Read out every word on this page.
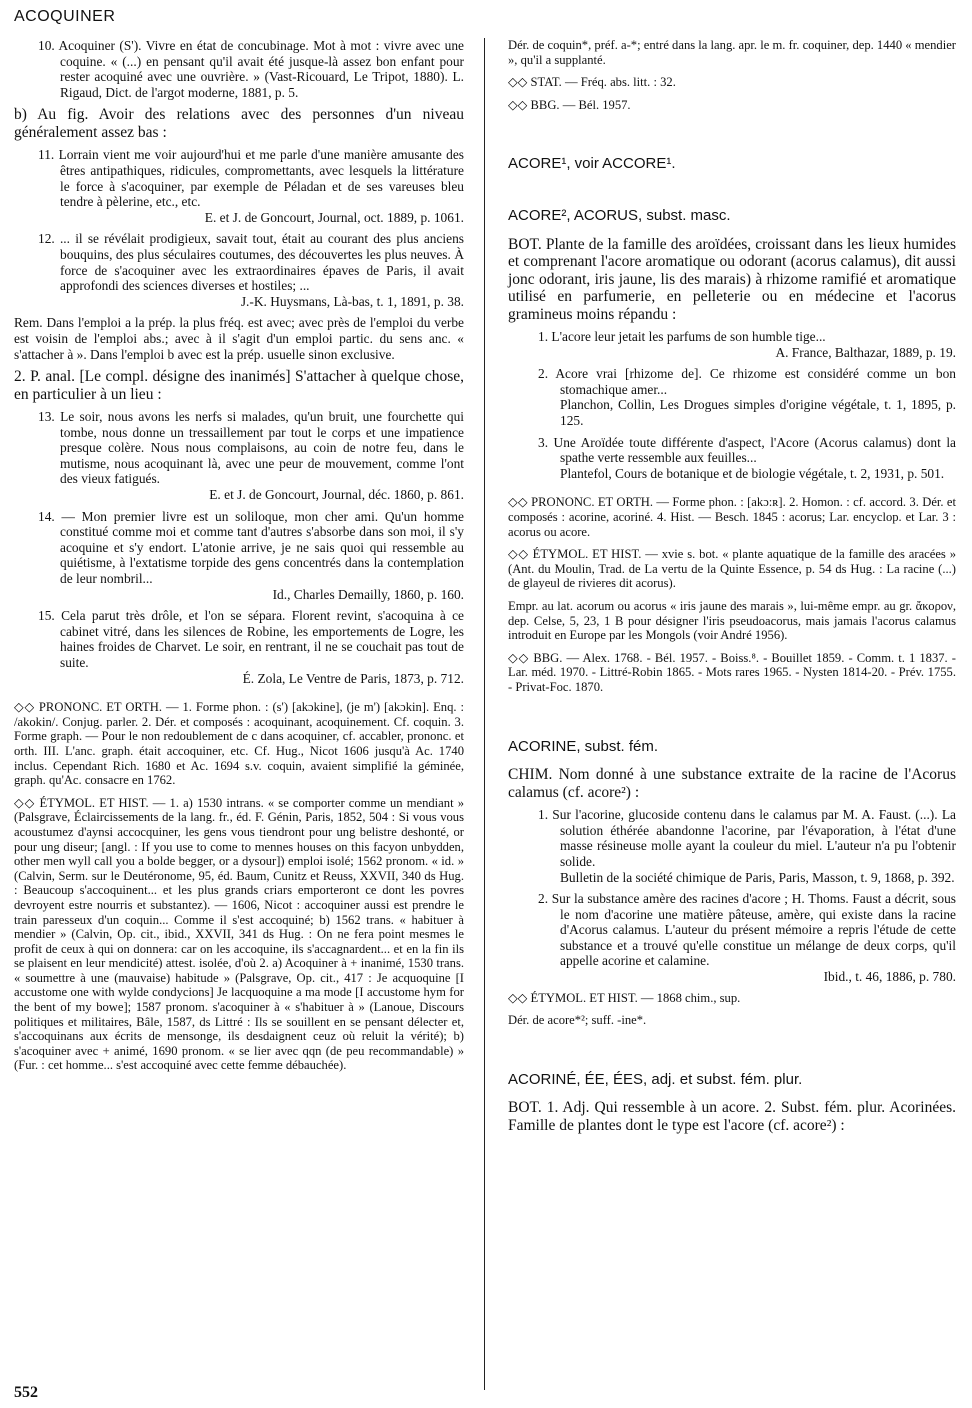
ACOQUINER

10. Acoquiner (S'). Vivre en état de concubinage. Mot à mot : vivre avec une coquine. « (...) en pensant qu'il avait été jusque-là assez bon enfant pour rester acoquiné avec une ouvrière. » (Vast-Ricouard, Le Tripot, 1880). L. Rigaud, Dict. de l'argot moderne, 1881, p. 5.

b) Au fig. Avoir des relations avec des personnes d'un niveau généralement assez bas :

11. Lorrain vient me voir aujourd'hui et me parle d'une manière amusante des êtres antipathiques, ridicules, compromettants, avec lesquels la littérature le force à s'acoquiner, par exemple de Péladan et de ses vareuses bleu tendre à pèlerine, etc., etc.
E. et J. de Goncourt, Journal, oct. 1889, p. 1061.

12. ... il se révélait prodigieux, savait tout, était au courant des plus anciens bouquins, des plus séculaires coutumes, des découvertes les plus neuves. À force de s'acoquiner avec les extraordinaires épaves de Paris, il avait approfondi des sciences diverses et hostiles; ...
J.-K. Huysmans, Là-bas, t. 1, 1891, p. 38.

Rem. Dans l'emploi a la prép. la plus fréq. est avec; avec près de l'emploi du verbe est voisin de l'emploi abs.; avec à il s'agit d'un emploi partic. du sens anc. « s'attacher à ». Dans l'emploi b avec est la prép. usuelle sinon exclusive.

2. P. anal. [Le compl. désigne des inanimés] S'attacher à quelque chose, en particulier à un lieu :

13. Le soir, nous avons les nerfs si malades, qu'un bruit, une fourchette qui tombe, nous donne un tressaillement par tout le corps et une impatience presque colère. Nous nous complaisons, au coin de notre feu, dans le mutisme, nous acoquinant là, avec une peur de mouvement, comme l'ont des vieux fatigués.
E. et J. de Goncourt, Journal, déc. 1860, p. 861.

14. — Mon premier livre est un soliloque, mon cher ami. Qu'un homme constitué comme moi et comme tant d'autres s'absorbe dans son moi, il s'y acoquine et s'y endort. L'atonie arrive, je ne sais quoi qui ressemble au quiétisme, à l'extatisme torpide des gens concentrés dans la contemplation de leur nombril...
Id., Charles Demailly, 1860, p. 160.

15. Cela parut très drôle, et l'on se sépara. Florent revint, s'acoquina à ce cabinet vitré, dans les silences de Robine, les emportements de Logre, les haines froides de Charvet. Le soir, en rentrant, il ne se couchait pas tout de suite.
É. Zola, Le Ventre de Paris, 1873, p. 712.

◇◇ PRONONC. ET ORTH. — 1. Forme phon. : (s') [akɔkine], (je m') [akɔkin]. Enq. : /akokin/. Conjug. parler. 2. Dér. et composés : acoquinant, acoquinement. Cf. coquin. 3. Forme graph. — Pour le non redoublement de c dans acoquiner, cf. accabler, prononc. et orth. III. L'anc. graph. était accoquiner, etc. Cf. Hug., Nicot 1606 jusqu'à Ac. 1740 inclus. Cependant Rich. 1680 et Ac. 1694 s.v. coquin, avaient simplifié la géminée, graph. qu'Ac. consacre en 1762.

◇◇ ÉTYMOL. ET HIST. — 1. a) 1530 intrans. « se comporter comme un mendiant » (Palsgrave, Éclaircissements de la lang. fr., éd. F. Génin, Paris, 1852, 504 : Si vous vous acoustumez d'aynsi accocquiner, les gens vous tiendront pour ung belistre deshonté, or pour ung diseur; [angl. : If you use to come to mennes houses on this facyon unbydden, other men wyll call you a bolde begger, or a dysour]) emploi isolé; 1562 pronom. « id. » (Calvin, Serm. sur le Deutéronome, 95, éd. Baum, Cunitz et Reuss, XXVII, 340 ds Hug. : Beaucoup s'accoquinent... et les plus grands criars emporteront ce dont les povres devroyent estre nourris et substantez). — 1606, Nicot : accoquiner aussi est prendre le train paresseux d'un coquin... Comme il s'est accoquiné; b) 1562 trans. « habituer à mendier » (Calvin, Op. cit., ibid., XXVII, 341 ds Hug. : On ne fera point mesmes le profit de ceux à qui on donnera: car on les accoquine, ils s'accagnardent... et en la fin ils se plaisent en leur mendicité) attest. isolée, d'où 2. a) Acoquiner à + inanimé, 1530 trans. « soumettre à une (mauvaise) habitude » (Palsgrave, Op. cit., 417 : Je acquoquine [I accustome one with wylde condycions] Je lacquoquine a ma mode [I accustome hym for the bent of my bowe]; 1587 pronom. s'acoquiner à « s'habituer à » (Lanoue, Discours politiques et militaires, Bâle, 1587, ds Littré : Ils se souillent en se pensant délecter et, s'accoquinans aux écrits de mensonge, ils desdaignent ceuz où reluit la vérité); b) s'acoquiner avec + animé, 1690 pronom. « se lier avec qqn (de peu recommandable) » (Fur. : cet homme... s'est accoquiné avec cette femme débauchée).

Dér. de coquin*, préf. a-*; entré dans la lang. apr. le m. fr. coquiner, dep. 1440 « mendier », qu'il a supplanté.

◇◇ STAT. — Fréq. abs. litt. : 32.

◇◇ BBG. — Bél. 1957.

ACORE¹, voir ACCORE¹.

ACORE², ACORUS, subst. masc.

BOT. Plante de la famille des aroïdées, croissant dans les lieux humides et comprenant l'acore aromatique ou odorant (acorus calamus), dit aussi jonc odorant, iris jaune, lis des marais) à rhizome ramifié et aromatique utilisé en parfumerie, en pelleterie ou en médecine et l'acorus gramineus moins répandu :

1. L'acore leur jetait les parfums de son humble tige...
A. France, Balthazar, 1889, p. 19.

2. Acore vrai [rhizome de]. Ce rhizome est considéré comme un bon stomachique amer...
Planchon, Collin, Les Drogues simples d'origine végétale, t. 1, 1895, p. 125.

3. Une Aroïdée toute différente d'aspect, l'Acore (Acorus calamus) dont la spathe verte ressemble aux feuilles...
Plantefol, Cours de botanique et de biologie végétale, t. 2, 1931, p. 501.

◇◇ PRONONC. ET ORTH. — Forme phon. : [akɔ:ʀ]. 2. Homon. : cf. accord. 3. Dér. et composés : acorine, acoriné. 4. Hist. — Besch. 1845 : acorus; Lar. encyclop. et Lar. 3 : acorus ou acore.

◇◇ ÉTYMOL. ET HIST. — xvie s. bot. « plante aquatique de la famille des aracées » (Ant. du Moulin, Trad. de La vertu de la Quinte Essence, p. 54 ds Hug. : La racine (...) de glayeul de rivieres dit acorus).

Empr. au lat. acorum ou acorus « iris jaune des marais », lui-même empr. au gr. ἄκορον, dep. Celse, 5, 23, 1 B pour désigner l'iris pseudoacorus, mais jamais l'acorus calamus introduit en Europe par les Mongols (voir André 1956).

◇◇ BBG. — Alex. 1768. - Bél. 1957. - Boiss.⁸. - Bouillet 1859. - Comm. t. 1 1837. - Lar. méd. 1970. - Littré-Robin 1865. - Mots rares 1965. - Nysten 1814-20. - Prév. 1755. - Privat-Foc. 1870.

ACORINE, subst. fém.

CHIM. Nom donné à une substance extraite de la racine de l'Acorus calamus (cf. acore²) :

1. Sur l'acorine, glucoside contenu dans le calamus par M. A. Faust. (...). La solution éthérée abandonne l'acorine, par l'évaporation, à l'état d'une masse résineuse molle ayant la couleur du miel. L'auteur n'a pu l'obtenir solide.
Bulletin de la société chimique de Paris, Paris, Masson, t. 9, 1868, p. 392.

2. Sur la substance amère des racines d'acore ; H. Thoms. Faust a décrit, sous le nom d'acorine une matière pâteuse, amère, qui existe dans la racine d'Acorus calamus. L'auteur du présent mémoire a repris l'étude de cette substance et a trouvé qu'elle constitue un mélange de deux corps, qu'il appelle acorine et calamine.
Ibid., t. 46, 1886, p. 780.

◇◇ ÉTYMOL. ET HIST. — 1868 chim., sup.

Dér. de acore*²; suff. -ine*.

ACORINÉ, ÉE, ÉES, adj. et subst. fém. plur.

BOT. 1. Adj. Qui ressemble à un acore. 2. Subst. fém. plur. Acorinées. Famille de plantes dont le type est l'acore (cf. acore²) :

552
